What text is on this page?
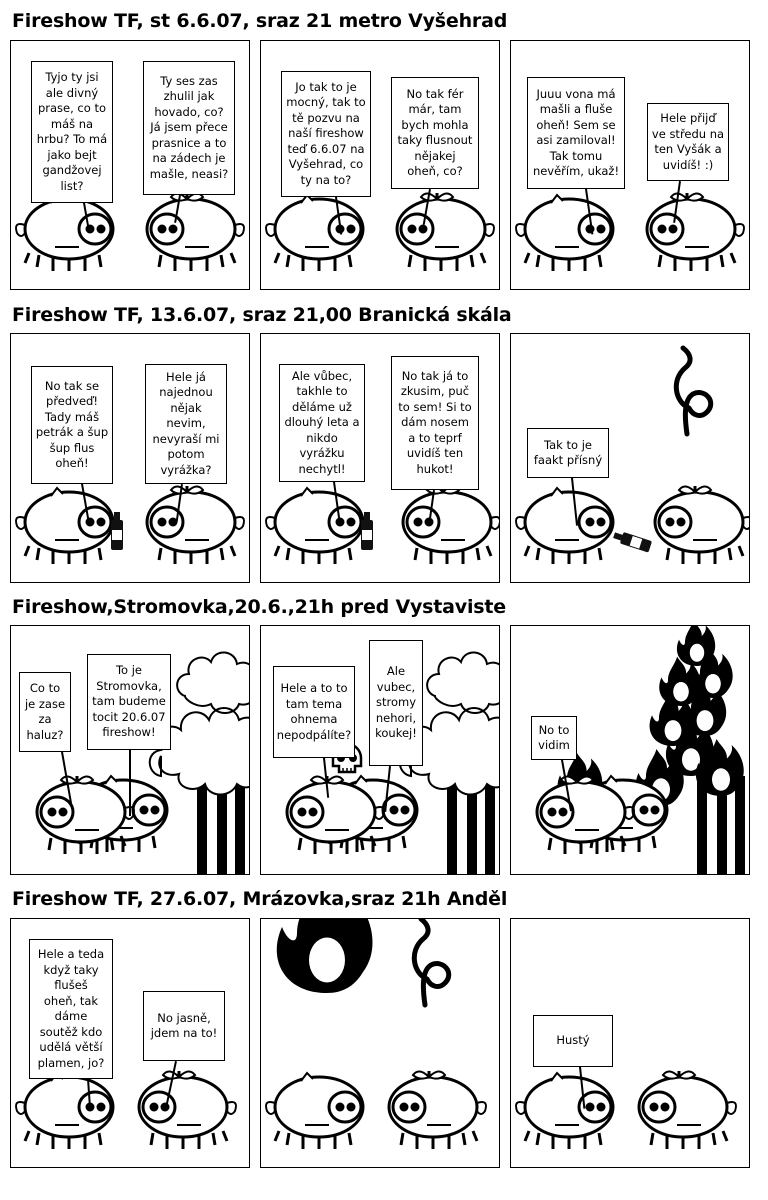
Fireshow TF, st 6.6.07, sraz 21 metro Vyšehrad
Fireshow TF, 13.6.07, sraz 21,00 Branická skála
Fireshow,Stromovka,20.6.,21h pred Vystaviste
Fireshow TF, 27.6.07, Mrázovka,sraz 21h Anděl
Tyjo ty jsi
ale divný
prase, co to
máš na
hrbu? To má
jako bejt
gandžovej
list?
Ty ses zas
zhulil jak
hovado, co?
Já jsem přece
prasnice a to
na zádech je
mašle, neasi?
Jo tak to je
mocný, tak to
tě pozvu na
naší fireshow
teď 6.6.07 na
Vyšehrad, co
ty na to?
No tak fér
már, tam
bych mohla
taky flusnout
nějakej
oheň, co?
Juuu vona má
mašli a fluše
oheň! Sem se
asi zamiloval!
Tak tomu
nevěřím, ukaž!
Hele přijď
ve středu na
ten Vyšák a
uvidíš! :)
No tak se
předveď!
Tady máš
petrák a šup
šup flus
oheň!
Hele já
najednou
nějak
nevim,
nevyraší mi
potom
vyrážka?
Ale vůbec,
takhle to
děláme už
dlouhý leta a
nikdo
vyrážku
nechytl!
No tak já to
zkusim, puč
to sem! Si to
dám nosem
a to teprf
uvidíš ten
hukot!
Tak to je
faakt přísný
Co to
je zase
za
haluz?
To je
Stromovka,
tam budeme
tocit 20.6.07
fireshow!
Hele a to to
tam tema
ohnema
nepodpálíte?
Ale
vubec,
stromy
nehori,
koukej!	No to
vidim
Hele a teda
když taky
flušeš
oheň, tak
dáme
soutěž kdo
udělá větší
plamen, jo?
No jasně,
jdem na to!
Hustý
